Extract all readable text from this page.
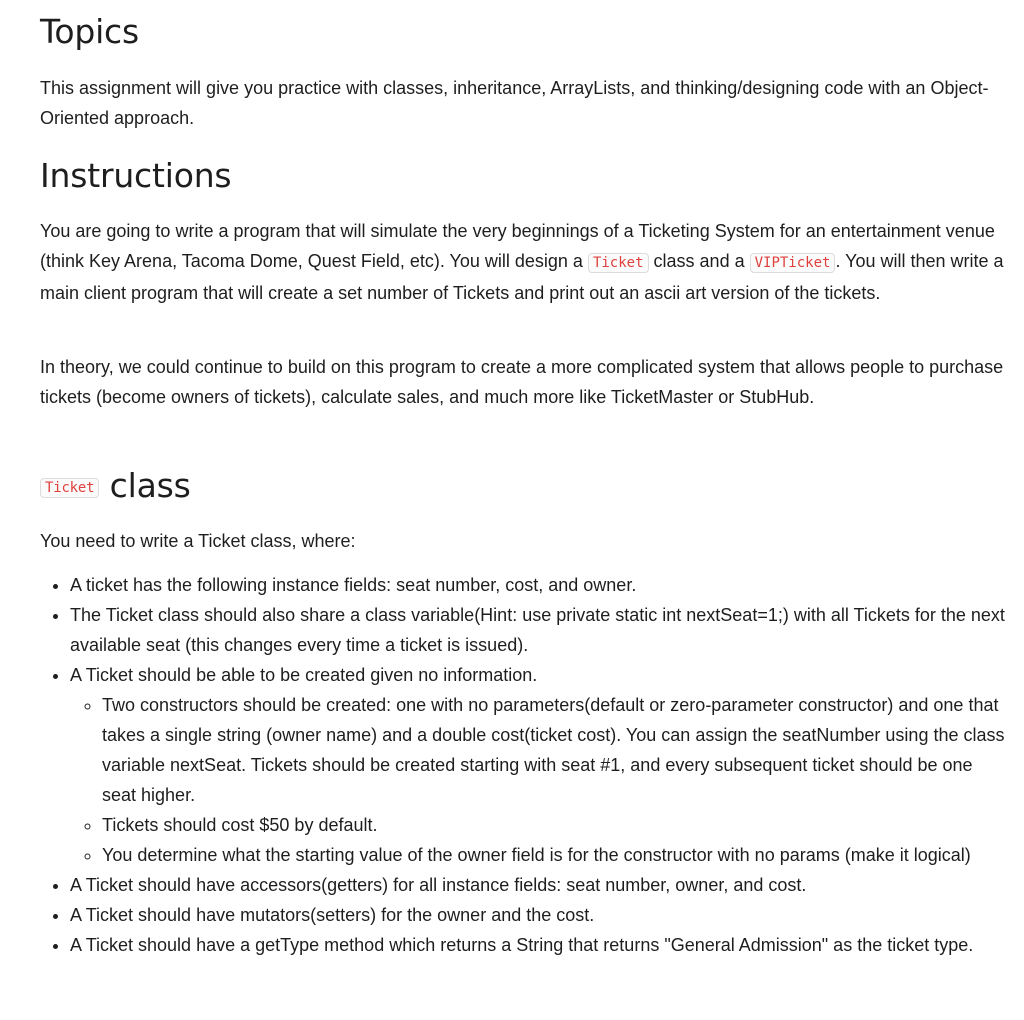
Topics

This assignment will give you practice with classes, inheritance, ArrayLists, and thinking/designing code with an Object-Oriented approach.

Instructions

You are going to write a program that will simulate the very beginnings of a Ticketing System for an entertainment venue (think Key Arena, Tacoma Dome, Quest Field, etc). You will design a Ticket class and a VIPTicket . You will then write a main client program that will create a set number of Tickets and print out an ascii art version of the tickets.

In theory, we could continue to build on this program to create a more complicated system that allows people to purchase tickets (become owners of tickets), calculate sales, and much more like TicketMaster or StubHub.

Ticket class

You need to write a Ticket class, where:

• A ticket has the following instance fields: seat number, cost, and owner.
• The Ticket class should also share a class variable(Hint: use private static int nextSeat=1;) with all Tickets for the next available seat (this changes every time a ticket is issued).
• A Ticket should be able to be created given no information.
◦ Two constructors should be created: one with no parameters(default or zero-parameter constructor) and one that takes a single string (owner name) and a double cost(ticket cost). You can assign the seatNumber using the class variable nextSeat. Tickets should be created starting with seat #1, and every subsequent ticket should be one seat higher.
◦ Tickets should cost $50 by default.
◦ You determine what the starting value of the owner field is for the constructor with no params (make it logical)
• A Ticket should have accessors(getters) for all instance fields: seat number, owner, and cost.
• A Ticket should have mutators(setters) for the owner and the cost.
• A Ticket should have a getType method which returns a String that returns "General Admission" as the ticket type.
